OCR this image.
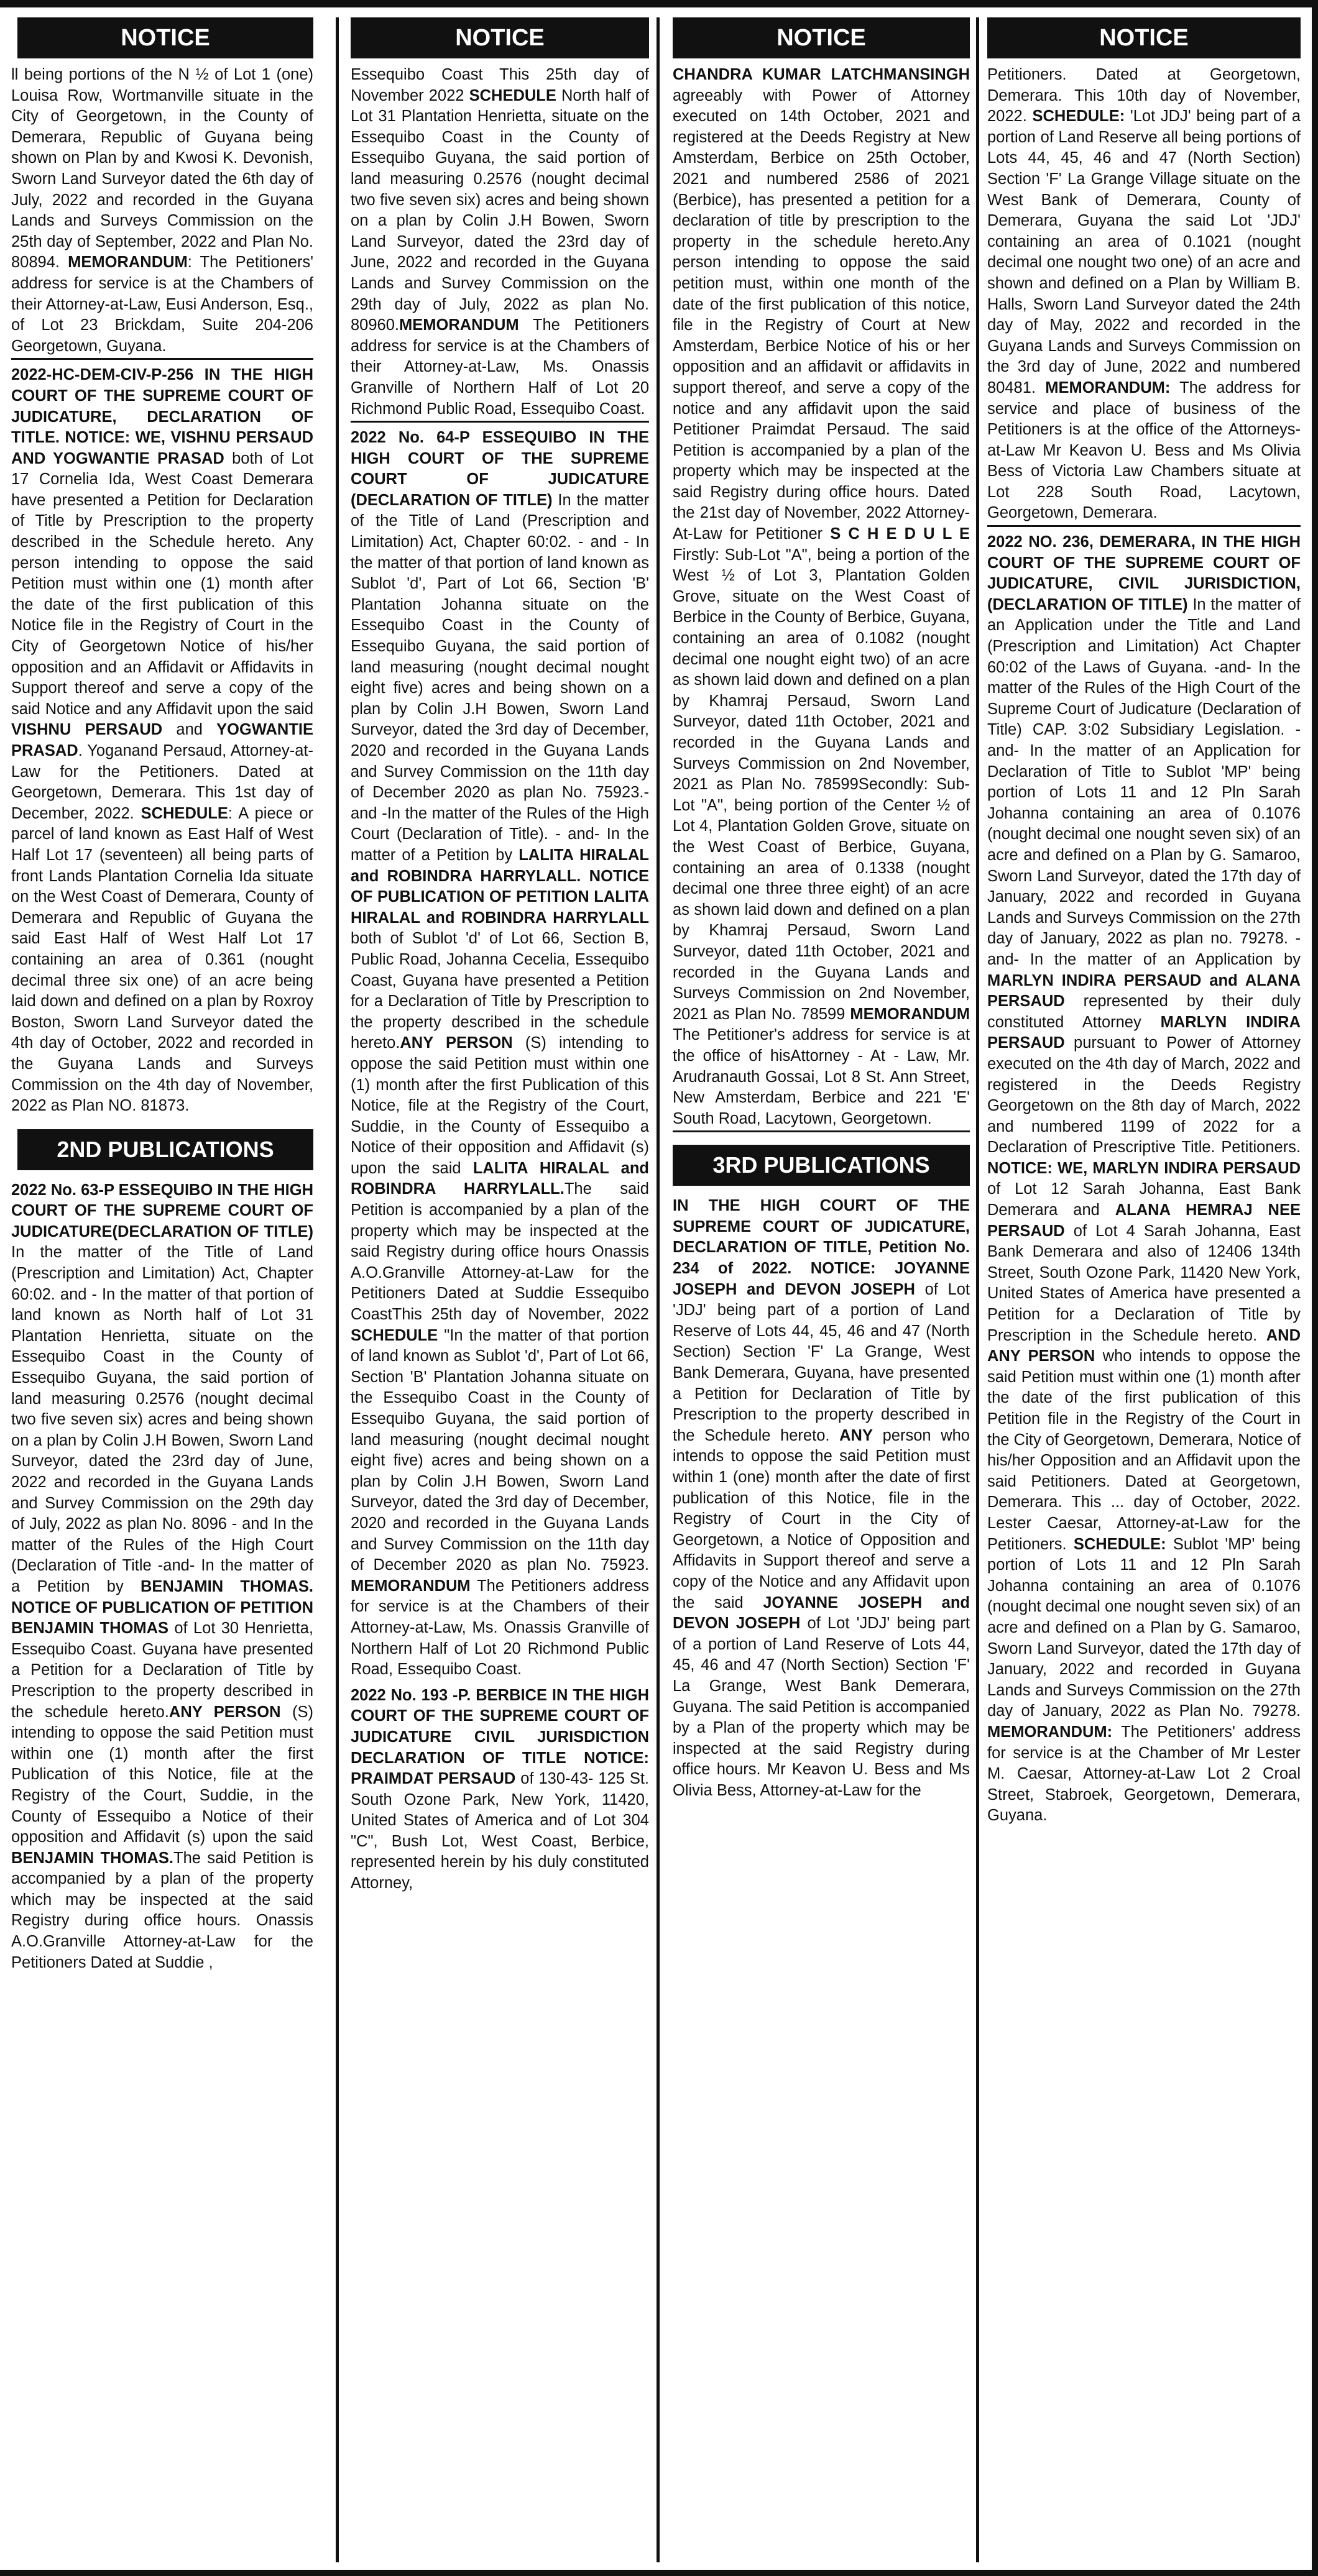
NOTICE

ll being portions of the N ½ of Lot 1 (one) Louisa Row, Wortmanville situate in the City of Georgetown, in the County of Demerara, Republic of Guyana being shown on Plan by and Kwosi K. Devonish, Sworn Land Surveyor dated the 6th day of July, 2022 and recorded in the Guyana Lands and Surveys Commission on the 25th day of September, 2022 and Plan No. 80894. MEMORANDUM: The Petitioners' address for service is at the Chambers of their Attorney-at-Law, Eusi Anderson, Esq., of Lot 23 Brickdam, Suite 204-206 Georgetown, Guyana.

2022-HC-DEM-CIV-P-256 IN THE HIGH COURT OF THE SUPREME COURT OF JUDICATURE, DECLARATION OF TITLE. NOTICE: WE, VISHNU PERSAUD AND YOGWANTIE PRASAD both of Lot 17 Cornelia Ida, West Coast Demerara have presented a Petition for Declaration of Title by Prescription to the property described in the Schedule hereto. Any person intending to oppose the said Petition must within one (1) month after the date of the first publication of this Notice file in the Registry of Court in the City of Georgetown Notice of his/her opposition and an Affidavit or Affidavits in Support thereof and serve a copy of the said Notice and any Affidavit upon the said VISHNU PERSAUD and YOGWANTIE PRASAD. Yoganand Persaud, Attorney-at-Law for the Petitioners. Dated at Georgetown, Demerara. This 1st day of December, 2022. SCHEDULE: A piece or parcel of land known as East Half of West Half Lot 17 (seventeen) all being parts of front Lands Plantation Cornelia Ida situate on the West Coast of Demerara, County of Demerara and Republic of Guyana the said East Half of West Half Lot 17 containing an area of 0.361 (nought decimal three six one) of an acre being laid down and defined on a plan by Roxroy Boston, Sworn Land Surveyor dated the 4th day of October, 2022 and recorded in the Guyana Lands and Surveys Commission on the 4th day of November, 2022 as Plan NO. 81873.

2ND PUBLICATIONS

2022 No. 63-P ESSEQUIBO IN THE HIGH COURT OF THE SUPREME COURT OF JUDICATURE(DECLARATION OF TITLE) In the matter of the Title of Land (Prescription and Limitation) Act, Chapter 60:02. and - In the matter of that portion of land known as North half of Lot 31 Plantation Henrietta, situate on the Essequibo Coast in the County of Essequibo Guyana, the said portion of land measuring 0.2576 (nought decimal two five seven six) acres and being shown on a plan by Colin J.H Bowen, Sworn Land Surveyor, dated the 23rd day of June, 2022 and recorded in the Guyana Lands and Survey Commission on the 29th day of July, 2022 as plan No. 8096 - and In the matter of the Rules of the High Court (Declaration of Title -and- In the matter of a Petition by BENJAMIN THOMAS. NOTICE OF PUBLICATION OF PETITION BENJAMIN THOMAS of Lot 30 Henrietta, Essequibo Coast. Guyana have presented a Petition for a Declaration of Title by Prescription to the property described in the schedule hereto.ANY PERSON (S) intending to oppose the said Petition must within one (1) month after the first Publication of this Notice, file at the Registry of the Court, Suddie, in the County of Essequibo a Notice of their opposition and Affidavit (s) upon the said BENJAMIN THOMAS.The said Petition is accompanied by a plan of the property which may be inspected at the said Registry during office hours. Onassis A.O.Granville Attorney-at-Law for the Petitioners Dated at Suddie ,

NOTICE

Essequibo Coast This 25th day of November 2022 SCHEDULE North half of Lot 31 Plantation Henrietta, situate on the Essequibo Coast in the County of Essequibo Guyana, the said portion of land measuring 0.2576 (nought decimal two five seven six) acres and being shown on a plan by Colin J.H Bowen, Sworn Land Surveyor, dated the 23rd day of June, 2022 and recorded in the Guyana Lands and Survey Commission on the 29th day of July, 2022 as plan No. 80960.MEMORANDUM The Petitioners address for service is at the Chambers of their Attorney-at-Law, Ms. Onassis Granville of Northern Half of Lot 20 Richmond Public Road, Essequibo Coast.

2022 No. 64-P ESSEQUIBO IN THE HIGH COURT OF THE SUPREME COURT OF JUDICATURE (DECLARATION OF TITLE) In the matter of the Title of Land (Prescription and Limitation) Act, Chapter 60:02. - and - In the matter of that portion of land known as Sublot 'd', Part of Lot 66, Section 'B' Plantation Johanna situate on the Essequibo Coast in the County of Essequibo Guyana, the said portion of land measuring (nought decimal nought eight five) acres and being shown on a plan by Colin J.H Bowen, Sworn Land Surveyor, dated the 3rd day of December, 2020 and recorded in the Guyana Lands and Survey Commission on the 11th day of December 2020 as plan No. 75923.- and -In the matter of the Rules of the High Court (Declaration of Title). - and- In the matter of a Petition by LALITA HIRALAL and ROBINDRA HARRYLALL. NOTICE OF PUBLICATION OF PETITION LALITA HIRALAL and ROBINDRA HARRYLALL both of Sublot 'd' of Lot 66, Section B, Public Road, Johanna Cecelia, Essequibo Coast, Guyana have presented a Petition for a Declaration of Title by Prescription to the property described in the schedule hereto.ANY PERSON (S) intending to oppose the said Petition must within one (1) month after the first Publication of this Notice, file at the Registry of the Court, Suddie, in the County of Essequibo a Notice of their opposition and Affidavit (s) upon the said LALITA HIRALAL and ROBINDRA HARRYLALL.The said Petition is accompanied by a plan of the property which may be inspected at the said Registry during office hours Onassis A.O.Granville Attorney-at-Law for the Petitioners Dated at Suddie Essequibo CoastThis 25th day of November, 2022 SCHEDULE "In the matter of that portion of land known as Sublot 'd', Part of Lot 66, Section 'B' Plantation Johanna situate on the Essequibo Coast in the County of Essequibo Guyana, the said portion of land measuring (nought decimal nought eight five) acres and being shown on a plan by Colin J.H Bowen, Sworn Land Surveyor, dated the 3rd day of December, 2020 and recorded in the Guyana Lands and Survey Commission on the 11th day of December 2020 as plan No. 75923. MEMORANDUM The Petitioners address for service is at the Chambers of their Attorney-at-Law, Ms. Onassis Granville of Northern Half of Lot 20 Richmond Public Road, Essequibo Coast.

2022 No. 193 -P. BERBICE IN THE HIGH COURT OF THE SUPREME COURT OF JUDICATURE CIVIL JURISDICTION DECLARATION OF TITLE NOTICE: PRAIMDAT PERSAUD of 130-43- 125 St. South Ozone Park, New York, 11420, United States of America and of Lot 304 "C", Bush Lot, West Coast, Berbice, represented herein by his duly constituted Attorney,

NOTICE

CHANDRA KUMAR LATCHMANSINGH agreeably with Power of Attorney executed on 14th October, 2021 and registered at the Deeds Registry at New Amsterdam, Berbice on 25th October, 2021 and numbered 2586 of 2021 (Berbice), has presented a petition for a declaration of title by prescription to the property in the schedule hereto.Any person intending to oppose the said petition must, within one month of the date of the first publication of this notice, file in the Registry of Court at New Amsterdam, Berbice Notice of his or her opposition and an affidavit or affidavits in support thereof, and serve a copy of the notice and any affidavit upon the said Petitioner Praimdat Persaud. The said Petition is accompanied by a plan of the property which may be inspected at the said Registry during office hours. Dated the 21st day of November, 2022 Attorney-At-Law for Petitioner S C H E D U L E Firstly: Sub-Lot "A", being a portion of the West ½ of Lot 3, Plantation Golden Grove, situate on the West Coast of Berbice in the County of Berbice, Guyana, containing an area of 0.1082 (nought decimal one nought eight two) of an acre as shown laid down and defined on a plan by Khamraj Persaud, Sworn Land Surveyor, dated 11th October, 2021 and recorded in the Guyana Lands and Surveys Commission on 2nd November, 2021 as Plan No. 78599Secondly: Sub-Lot "A", being portion of the Center ½ of Lot 4, Plantation Golden Grove, situate on the West Coast of Berbice, Guyana, containing an area of 0.1338 (nought decimal one three three eight) of an acre as shown laid down and defined on a plan by Khamraj Persaud, Sworn Land Surveyor, dated 11th October, 2021 and recorded in the Guyana Lands and Surveys Commission on 2nd November, 2021 as Plan No. 78599 MEMORANDUM The Petitioner's address for service is at the office of hisAttorney - At - Law, Mr. Arudranauth Gossai, Lot 8 St. Ann Street, New Amsterdam, Berbice and 221 'E' South Road, Lacytown, Georgetown.

3RD PUBLICATIONS

IN THE HIGH COURT OF THE SUPREME COURT OF JUDICATURE, DECLARATION OF TITLE, Petition No. 234 of 2022. NOTICE: JOYANNE JOSEPH and DEVON JOSEPH of Lot 'JDJ' being part of a portion of Land Reserve of Lots 44, 45, 46 and 47 (North Section) Section 'F' La Grange, West Bank Demerara, Guyana, have presented a Petition for Declaration of Title by Prescription to the property described in the Schedule hereto. ANY person who intends to oppose the said Petition must within 1 (one) month after the date of first publication of this Notice, file in the Registry of Court in the City of Georgetown, a Notice of Opposition and Affidavits in Support thereof and serve a copy of the Notice and any Affidavit upon the said JOYANNE JOSEPH and DEVON JOSEPH of Lot 'JDJ' being part of a portion of Land Reserve of Lots 44, 45, 46 and 47 (North Section) Section 'F' La Grange, West Bank Demerara, Guyana. The said Petition is accompanied by a Plan of the property which may be inspected at the said Registry during office hours. Mr Keavon U. Bess and Ms Olivia Bess, Attorney-at-Law for the

NOTICE

Petitioners. Dated at Georgetown, Demerara. This 10th day of November, 2022. SCHEDULE: 'Lot JDJ' being part of a portion of Land Reserve all being portions of Lots 44, 45, 46 and 47 (North Section) Section 'F' La Grange Village situate on the West Bank of Demerara, County of Demerara, Guyana the said Lot 'JDJ' containing an area of 0.1021 (nought decimal one nought two one) of an acre and shown and defined on a Plan by William B. Halls, Sworn Land Surveyor dated the 24th day of May, 2022 and recorded in the Guyana Lands and Surveys Commission on the 3rd day of June, 2022 and numbered 80481. MEMORANDUM: The address for service and place of business of the Petitioners is at the office of the Attorneys-at-Law Mr Keavon U. Bess and Ms Olivia Bess of Victoria Law Chambers situate at Lot 228 South Road, Lacytown, Georgetown, Demerara.

2022 NO. 236, DEMERARA, IN THE HIGH COURT OF THE SUPREME COURT OF JUDICATURE, CIVIL JURISDICTION, (DECLARATION OF TITLE) In the matter of an Application under the Title and Land (Prescription and Limitation) Act Chapter 60:02 of the Laws of Guyana. -and- In the matter of the Rules of the High Court of the Supreme Court of Judicature (Declaration of Title) CAP. 3:02 Subsidiary Legislation. -and- In the matter of an Application for Declaration of Title to Sublot 'MP' being portion of Lots 11 and 12 Pln Sarah Johanna containing an area of 0.1076 (nought decimal one nought seven six) of an acre and defined on a Plan by G. Samaroo, Sworn Land Surveyor, dated the 17th day of January, 2022 and recorded in Guyana Lands and Surveys Commission on the 27th day of January, 2022 as plan no. 79278. -and- In the matter of an Application by MARLYN INDIRA PERSAUD and ALANA PERSAUD represented by their duly constituted Attorney MARLYN INDIRA PERSAUD pursuant to Power of Attorney executed on the 4th day of March, 2022 and registered in the Deeds Registry Georgetown on the 8th day of March, 2022 and numbered 1199 of 2022 for a Declaration of Prescriptive Title. Petitioners. NOTICE: WE, MARLYN INDIRA PERSAUD of Lot 12 Sarah Johanna, East Bank Demerara and ALANA HEMRAJ NEE PERSAUD of Lot 4 Sarah Johanna, East Bank Demerara and also of 12406 134th Street, South Ozone Park, 11420 New York, United States of America have presented a Petition for a Declaration of Title by Prescription in the Schedule hereto. AND ANY PERSON who intends to oppose the said Petition must within one (1) month after the date of the first publication of this Petition file in the Registry of the Court in the City of Georgetown, Demerara, Notice of his/her Opposition and an Affidavit upon the said Petitioners. Dated at Georgetown, Demerara. This ... day of October, 2022. Lester Caesar, Attorney-at-Law for the Petitioners. SCHEDULE: Sublot 'MP' being portion of Lots 11 and 12 Pln Sarah Johanna containing an area of 0.1076 (nought decimal one nought seven six) of an acre and defined on a Plan by G. Samaroo, Sworn Land Surveyor, dated the 17th day of January, 2022 and recorded in Guyana Lands and Surveys Commission on the 27th day of January, 2022 as Plan No. 79278. MEMORANDUM: The Petitioners' address for service is at the Chamber of Mr Lester M. Caesar, Attorney-at-Law Lot 2 Croal Street, Stabroek, Georgetown, Demerara, Guyana.
